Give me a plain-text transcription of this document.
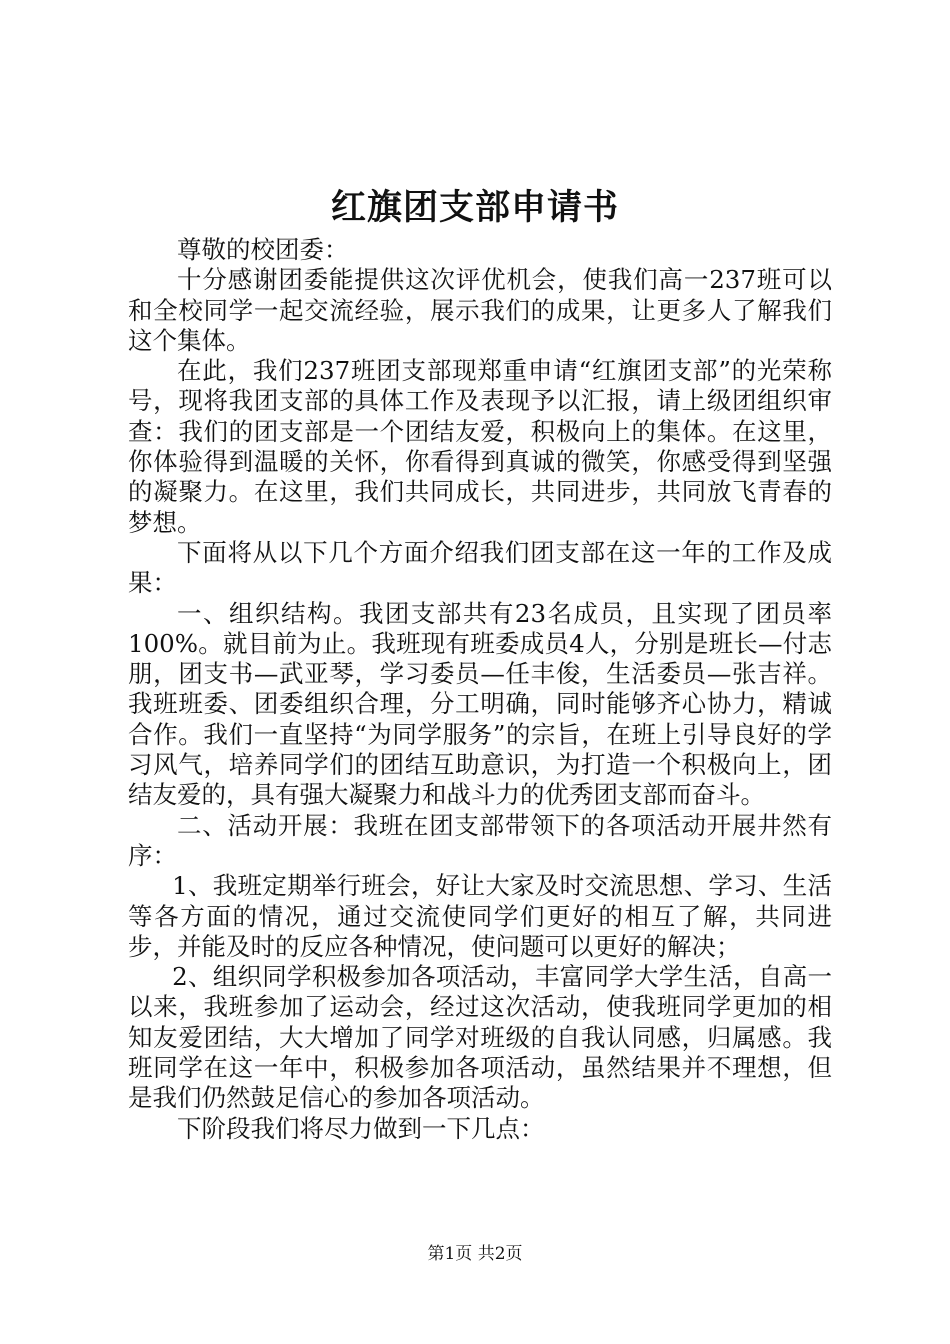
红旗团支部申请书

尊敬的校团委：

十分感谢团委能提供这次评优机会，使我们高一237班可以和全校同学一起交流经验，展示我们的成果，让更多人了解我们这个集体。

在此，我们237班团支部现郑重申请“红旗团支部”的光荣称号，现将我团支部的具体工作及表现予以汇报，请上级团组织审查：我们的团支部是一个团结友爱，积极向上的集体。在这里，你体验得到温暖的关怀，你看得到真诚的微笑，你感受得到坚强的凝聚力。在这里，我们共同成长，共同进步，共同放飞青春的梦想。

下面将从以下几个方面介绍我们团支部在这一年的工作及成果：

一、组织结构。我团支部共有23名成员，且实现了团员率100%。就目前为止。我班现有班委成员4人，分别是班长—付志朋，团支书—武亚琴，学习委员—任丰俊，生活委员—张吉祥。我班班委、团委组织合理，分工明确，同时能够齐心协力，精诚合作。我们一直坚持“为同学服务”的宗旨，在班上引导良好的学习风气，培养同学们的团结互助意识，为打造一个积极向上，团结友爱的，具有强大凝聚力和战斗力的优秀团支部而奋斗。

二、活动开展：我班在团支部带领下的各项活动开展井然有序：

1、我班定期举行班会，好让大家及时交流思想、学习、生活等各方面的情况，通过交流使同学们更好的相互了解，共同进步，并能及时的反应各种情况，使问题可以更好的解决；

2、组织同学积极参加各项活动，丰富同学大学生活，自高一以来，我班参加了运动会，经过这次活动，使我班同学更加的相知友爱团结，大大增加了同学对班级的自我认同感，归属感。我班同学在这一年中，积极参加各项活动，虽然结果并不理想，但是我们仍然鼓足信心的参加各项活动。

下阶段我们将尽力做到一下几点：

第1页 共2页
